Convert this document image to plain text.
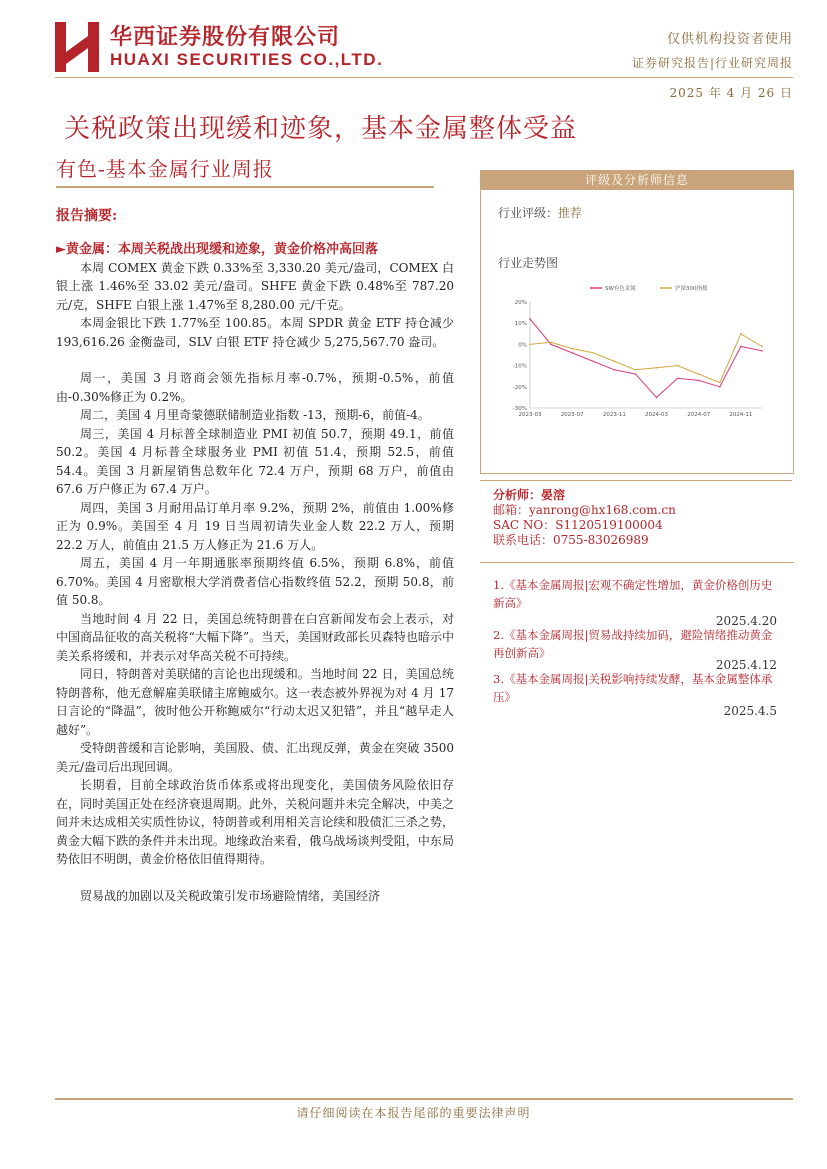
华西证券股份有限公司
HUAXI SECURITIES CO.,LTD.
仅供机构投资者使用
证券研究报告|行业研究周报
2025 年 4 月 26 日
关税政策出现缓和迹象，基本金属整体受益
有色-基本金属行业周报
报告摘要:
►黄金属：本周关税战出现缓和迹象，黄金价格冲高回落

本周 COMEX 黄金下跌 0.33%至 3,330.20 美元/盎司，COMEX 白银上涨 1.46%至 33.02 美元/盎司。SHFE 黄金下跌 0.48%至 787.20 元/克，SHFE 白银上涨 1.47%至 8,280.00 元/千克。

本周金银比下跌 1.77%至 100.85。本周 SPDR 黄金 ETF 持仓减少 193,616.26 金衡盎司，SLV 白银 ETF 持仓减少 5,275,567.70 盎司。

周一，美国 3 月谘商会领先指标月率-0.7%，预期-0.5%，前值由-0.30%修正为 0.2%。

周二，美国 4 月里奇蒙德联储制造业指数 -13，预期-6，前值-4。

周三，美国 4 月标普全球制造业 PMI 初值 50.7，预期 49.1，前值 50.2。美国 4 月标普全球服务业 PMI 初值 51.4，预期 52.5，前值 54.4。美国 3 月新屋销售总数年化 72.4 万户，预期 68 万户，前值由 67.6 万户修正为 67.4 万户。

周四，美国 3 月耐用品订单月率 9.2%，预期 2%，前值由 1.00%修正为 0.9%。美国至 4 月 19 日当周初请失业金人数 22.2 万人，预期 22.2 万人，前值由 21.5 万人修正为 21.6 万人。

周五，美国 4 月一年期通胀率预期终值 6.5%，预期 6.8%，前值 6.70%。美国 4 月密歇根大学消费者信心指数终值 52.2，预期 50.8，前值 50.8。

当地时间 4 月 22 日，美国总统特朗普在白宫新闻发布会上表示，对中国商品征收的高关税将“大幅下降”。当天，美国财政部长贝森特也暗示中美关系将缓和，并表示对华高关税不可持续。

同日，特朗普对美联储的言论也出现缓和。当地时间 22 日，美国总统特朗普称，他无意解雇美联储主席鲍威尔。这一表态被外界视为对 4 月 17 日言论的“降温”，彼时他公开称鲍威尔“行动太迟又犯错”，并且“越早走人越好”。

受特朗普缓和言论影响，美国股、债、汇出现反弹，黄金在突破 3500 美元/盎司后出现回调。

长期看，目前全球政治货币体系或将出现变化，美国债务风险依旧存在，同时美国正处在经济衰退周期。此外，关税问题并未完全解决，中美之间并未达成相关实质性协议，特朗普或利用相关言论续和股债汇三杀之势，黄金大幅下跌的条件并未出现。地缘政治来看，俄乌战场谈判受阻，中东局势依旧不明朗，黄金价格依旧值得期待。

贸易战的加剧以及关税政策引发市场避险情绪，美国经济

评级及分析师信息
行业评级：推荐
行业走势图
20%
10%
0%
-10%
-20%
-30%
2023-03	2023-07	2023-11	2024-03	2024-07	2024-11
SW有色金属	沪深300指数
分析师：晏溶
邮箱：yanrong@hx168.com.cn
SAC NO：S1120519100004
联系电话：0755-83026989
1.《基本金属周报|宏观不确定性增加，黄金价格创历史新高》
2025.4.20
2.《基本金属周报|贸易战持续加码，避险情绪推动黄金再创新高》
2025.4.12
3.《基本金属周报|关税影响持续发酵，基本金属整体承压》
2025.4.5
请仔细阅读在本报告尾部的重要法律声明
